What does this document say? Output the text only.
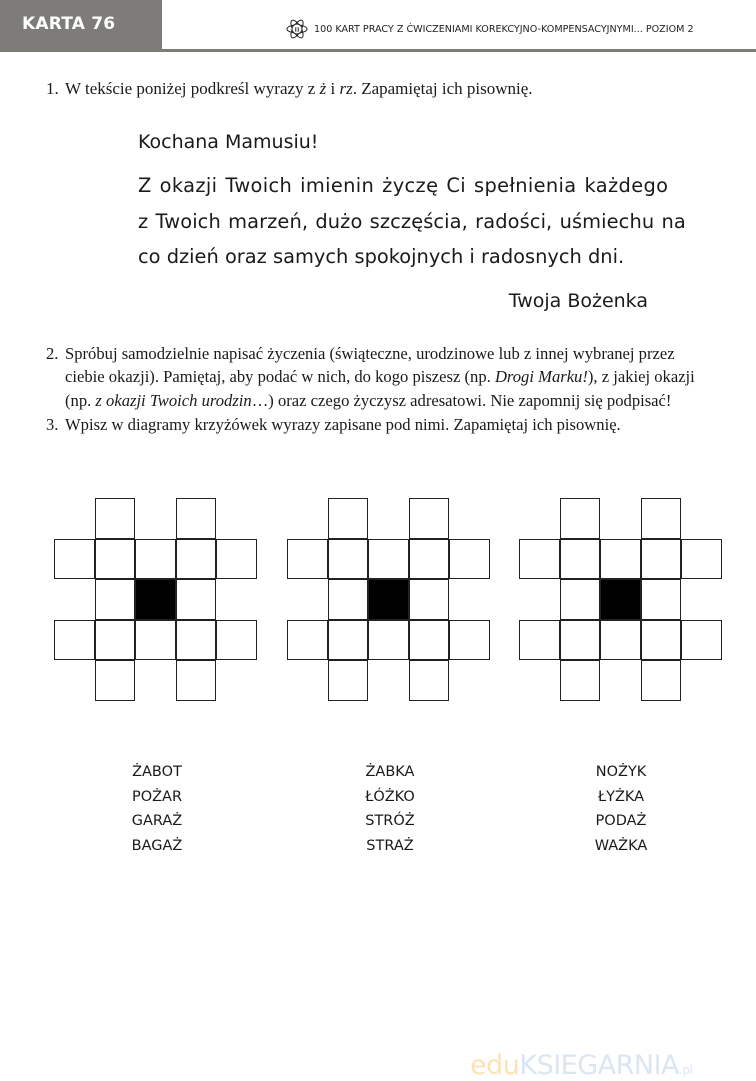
KARTA 76	II 100 KART PRACY Z ĆWICZENIAMI KOREKCYJNO-KOMPENSACYJNYMI... POZIOM 2
1. W tekście poniżej podkreśl wyrazy z ż i rz. Zapamiętaj ich pisownię.
Kochana Mamusiu!
Z okazji Twoich imienin życzę Ci spełnienia każdego
z Twoich marzeń, dużo szczęścia, radości, uśmiechu na
co dzień oraz samych spokojnych i radosnych dni.
Twoja Bożenka
2. Spróbuj samodzielnie napisać życzenia (świąteczne, urodzinowe lub z innej wybranej przez
ciebie okazji). Pamiętaj, aby podać w nich, do kogo piszesz (np. Drogi Marku!), z jakiej okazji
(np. z okazji Twoich urodzin…) oraz czego życzysz adresatowi. Nie zapomnij się podpisać!
3. Wpisz w diagramy krzyżówek wyrazy zapisane pod nimi. Zapamiętaj ich pisownię.
ŻABOT
POŻAR
GARAŻ
BAGAŻ
ŻABKA
ŁÓŻKO
STRÓŻ
STRAŻ
NOŻYK
ŁYŻKA
PODAŻ
WAŻKA
eduKSIEGARNIA.pl
